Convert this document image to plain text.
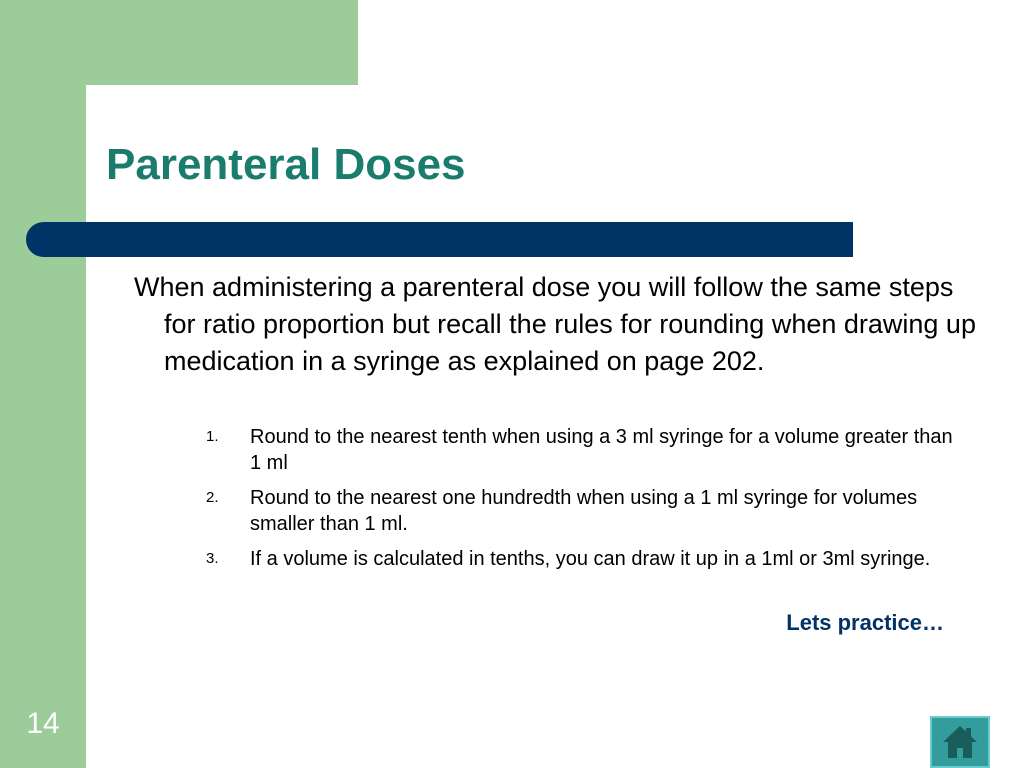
Parenteral Doses

When administering a parenteral dose you will follow the same steps for ratio proportion but recall the rules for rounding when drawing up medication in a syringe as explained on page 202.

1. Round to the nearest tenth when using a 3 ml syringe for a volume greater than 1 ml
2. Round to the nearest one hundredth when using a 1 ml syringe for volumes smaller than 1 ml.
3. If a volume is calculated in tenths, you can draw it up in a 1ml or 3ml syringe.

Lets practice…

14
